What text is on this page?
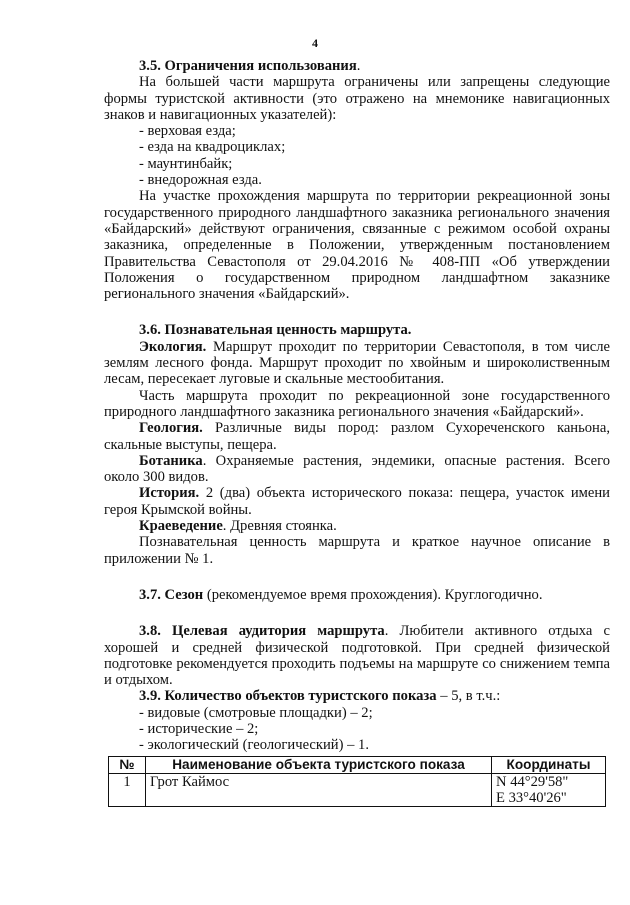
4

3.5. Ограничения использования.

На большей части маршрута ограничены или запрещены следующие формы туристской активности (это отражено на мнемонике навигационных знаков и навигационных указателей):

- верховая езда;

- езда на квадроциклах;

- маунтинбайк;

- внедорожная езда.

На участке прохождения маршрута по территории рекреационной зоны государственного природного ландшафтного заказника регионального значения «Байдарский» действуют ограничения, связанные с режимом особой охраны заказника, определенные в Положении, утвержденным постановлением Правительства Севастополя от 29.04.2016 № 408-ПП «Об утверждении Положения о государственном природном ландшафтном заказнике регионального значения «Байдарский».

3.6. Познавательная ценность маршрута.

Экология. Маршрут проходит по территории Севастополя, в том числе землям лесного фонда. Маршрут проходит по хвойным и широколиственным лесам, пересекает луговые и скальные местообитания.

Часть маршрута проходит по рекреационной зоне государственного природного ландшафтного заказника регионального значения «Байдарский».

Геология. Различные виды пород: разлом Сухореченского каньона, скальные выступы, пещера.

Ботаника. Охраняемые растения, эндемики, опасные растения. Всего около 300 видов.

История. 2 (два) объекта исторического показа: пещера, участок имени героя Крымской войны.

Краеведение. Древняя стоянка.

Познавательная ценность маршрута и краткое научное описание в приложении № 1.

3.7. Сезон (рекомендуемое время прохождения). Круглогодично.

3.8. Целевая аудитория маршрута. Любители активного отдыха с хорошей и средней физической подготовкой. При средней физической подготовке рекомендуется проходить подъемы на маршруте со снижением темпа и отдыхом.

3.9. Количество объектов туристского показа – 5, в т.ч.:

- видовые (смотровые площадки) – 2;

- исторические – 2;

- экологический (геологический) – 1.

№	Наименование объекта туристского показа	Координаты
1	Грот Каймос	N 44°29'58"
E 33°40'26"
